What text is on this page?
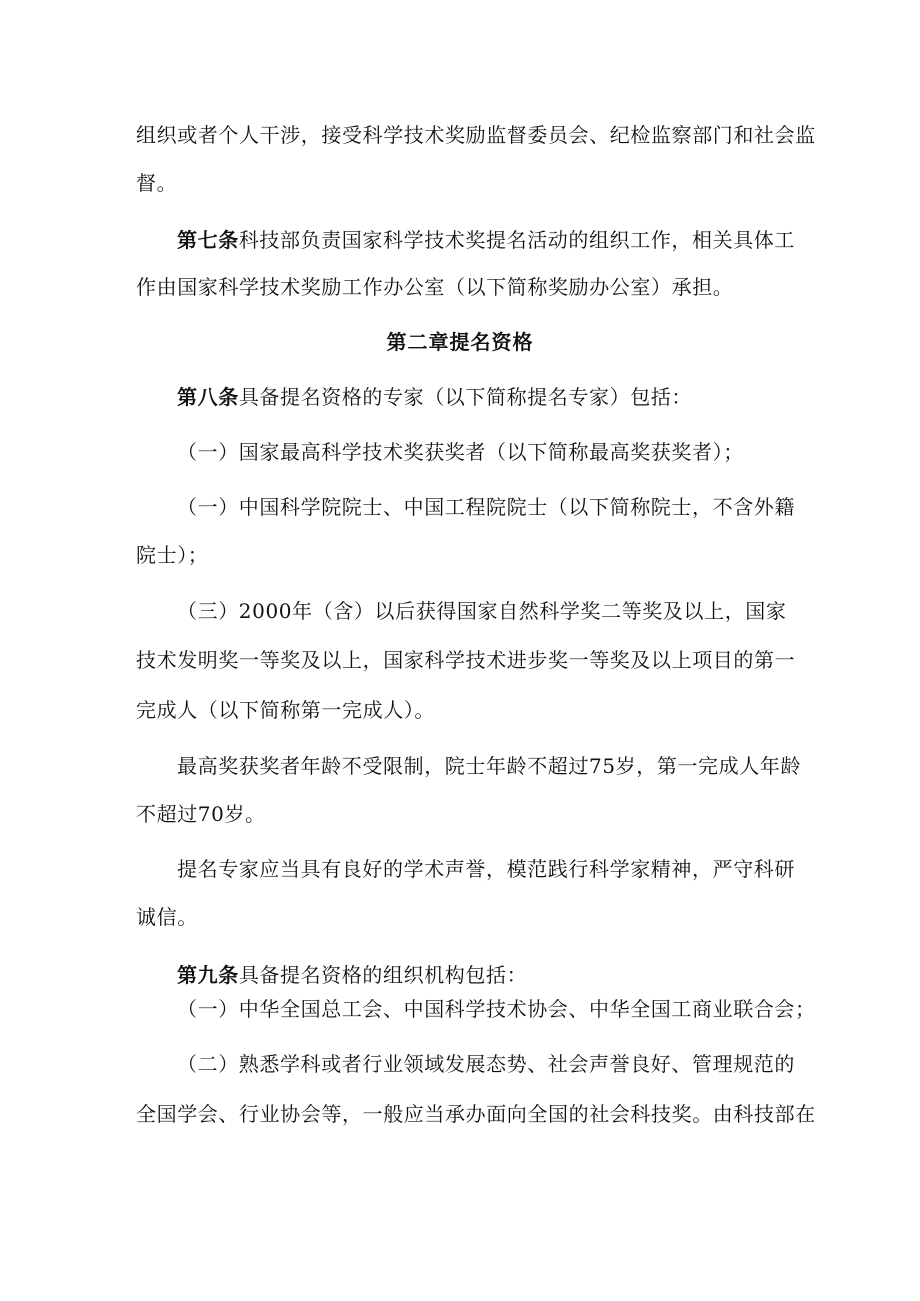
组织或者个人干涉，接受科学技术奖励监督委员会、纪检监察部门和社会监
督。
第七条科技部负责国家科学技术奖提名活动的组织工作，相关具体工
作由国家科学技术奖励工作办公室（以下简称奖励办公室）承担。
第二章提名资格
第八条具备提名资格的专家（以下简称提名专家）包括：
（一）国家最高科学技术奖获奖者（以下简称最高奖获奖者）；
（一）中国科学院院士、中国工程院院士（以下简称院士，不含外籍
院士）；
（三）2000年（含）以后获得国家自然科学奖二等奖及以上，国家
技术发明奖一等奖及以上，国家科学技术进步奖一等奖及以上项目的第一
完成人（以下简称第一完成人）。
最高奖获奖者年龄不受限制，院士年龄不超过75岁，第一完成人年龄
不超过70岁。
提名专家应当具有良好的学术声誉，模范践行科学家精神，严守科研
诚信。
第九条具备提名资格的组织机构包括：
（一）中华全国总工会、中国科学技术协会、中华全国工商业联合会；
（二）熟悉学科或者行业领域发展态势、社会声誉良好、管理规范的
全国学会、行业协会等，一般应当承办面向全国的社会科技奖。由科技部在
